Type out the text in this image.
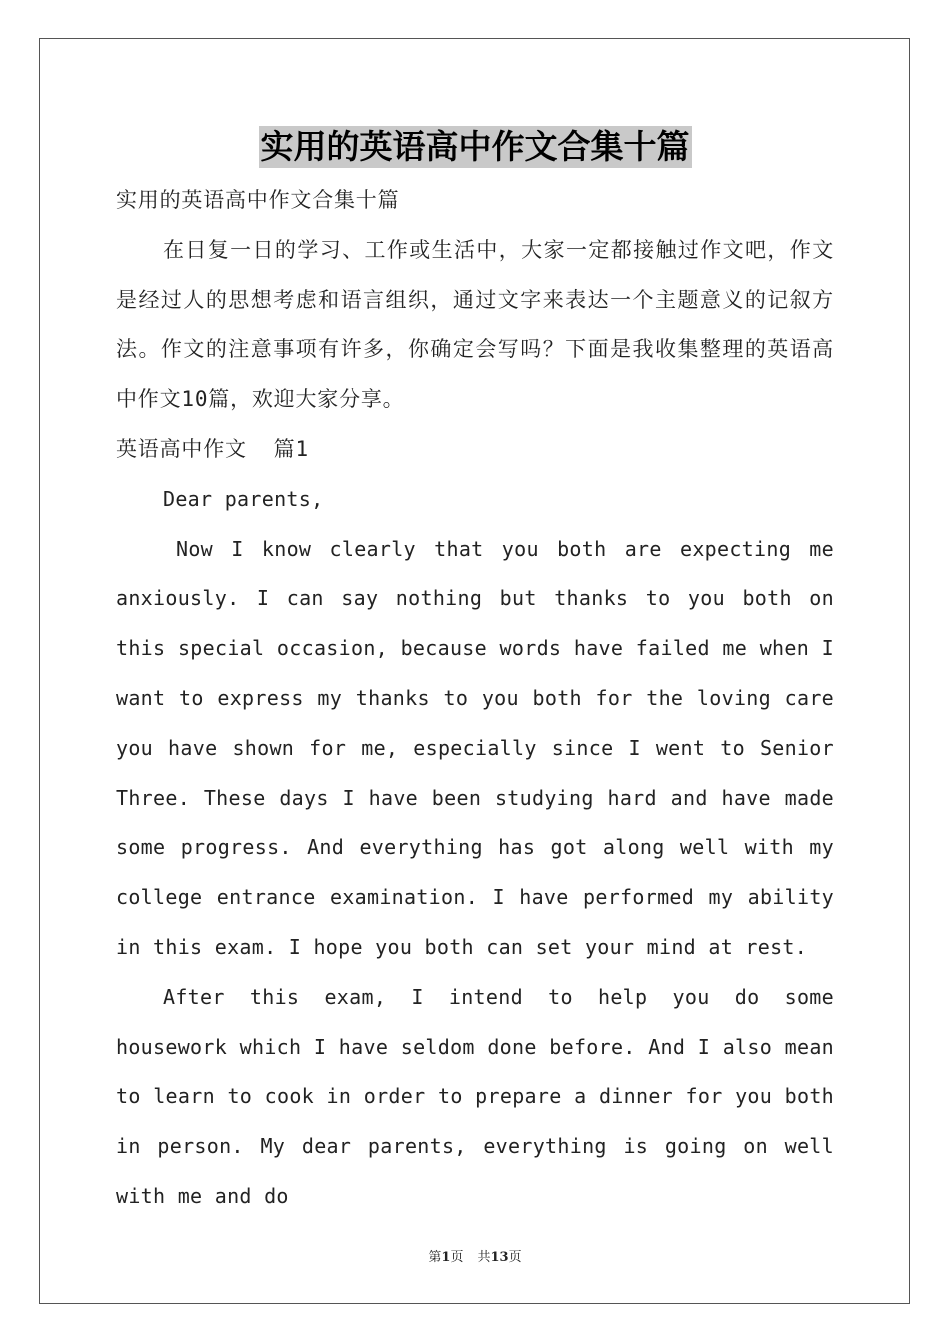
实用的英语高中作文合集十篇

实用的英语高中作文合集十篇

在日复一日的学习、工作或生活中，大家一定都接触过作文吧，作文是经过人的思想考虑和语言组织，通过文字来表达一个主题意义的记叙方法。作文的注意事项有许多，你确定会写吗？下面是我收集整理的英语高中作文10篇，欢迎大家分享。

英语高中作文  篇1

Dear parents,

Now I know clearly that you both are expecting me anxiously. I can say nothing but thanks to you both on this special occasion, because words have failed me when I want to express my thanks to you both for the loving care you have shown for me, especially since I went to Senior Three. These days I have been studying hard and have made some progress. And everything has got along well with my college entrance examination. I have performed my ability in this exam. I hope you both can set your mind at rest.

After this exam, I intend to help you do some housework which I have seldom done before. And I also mean to learn to cook in order to prepare a dinner for you both in person. My dear parents, everything is going on well with me and do

第1页 共13页
